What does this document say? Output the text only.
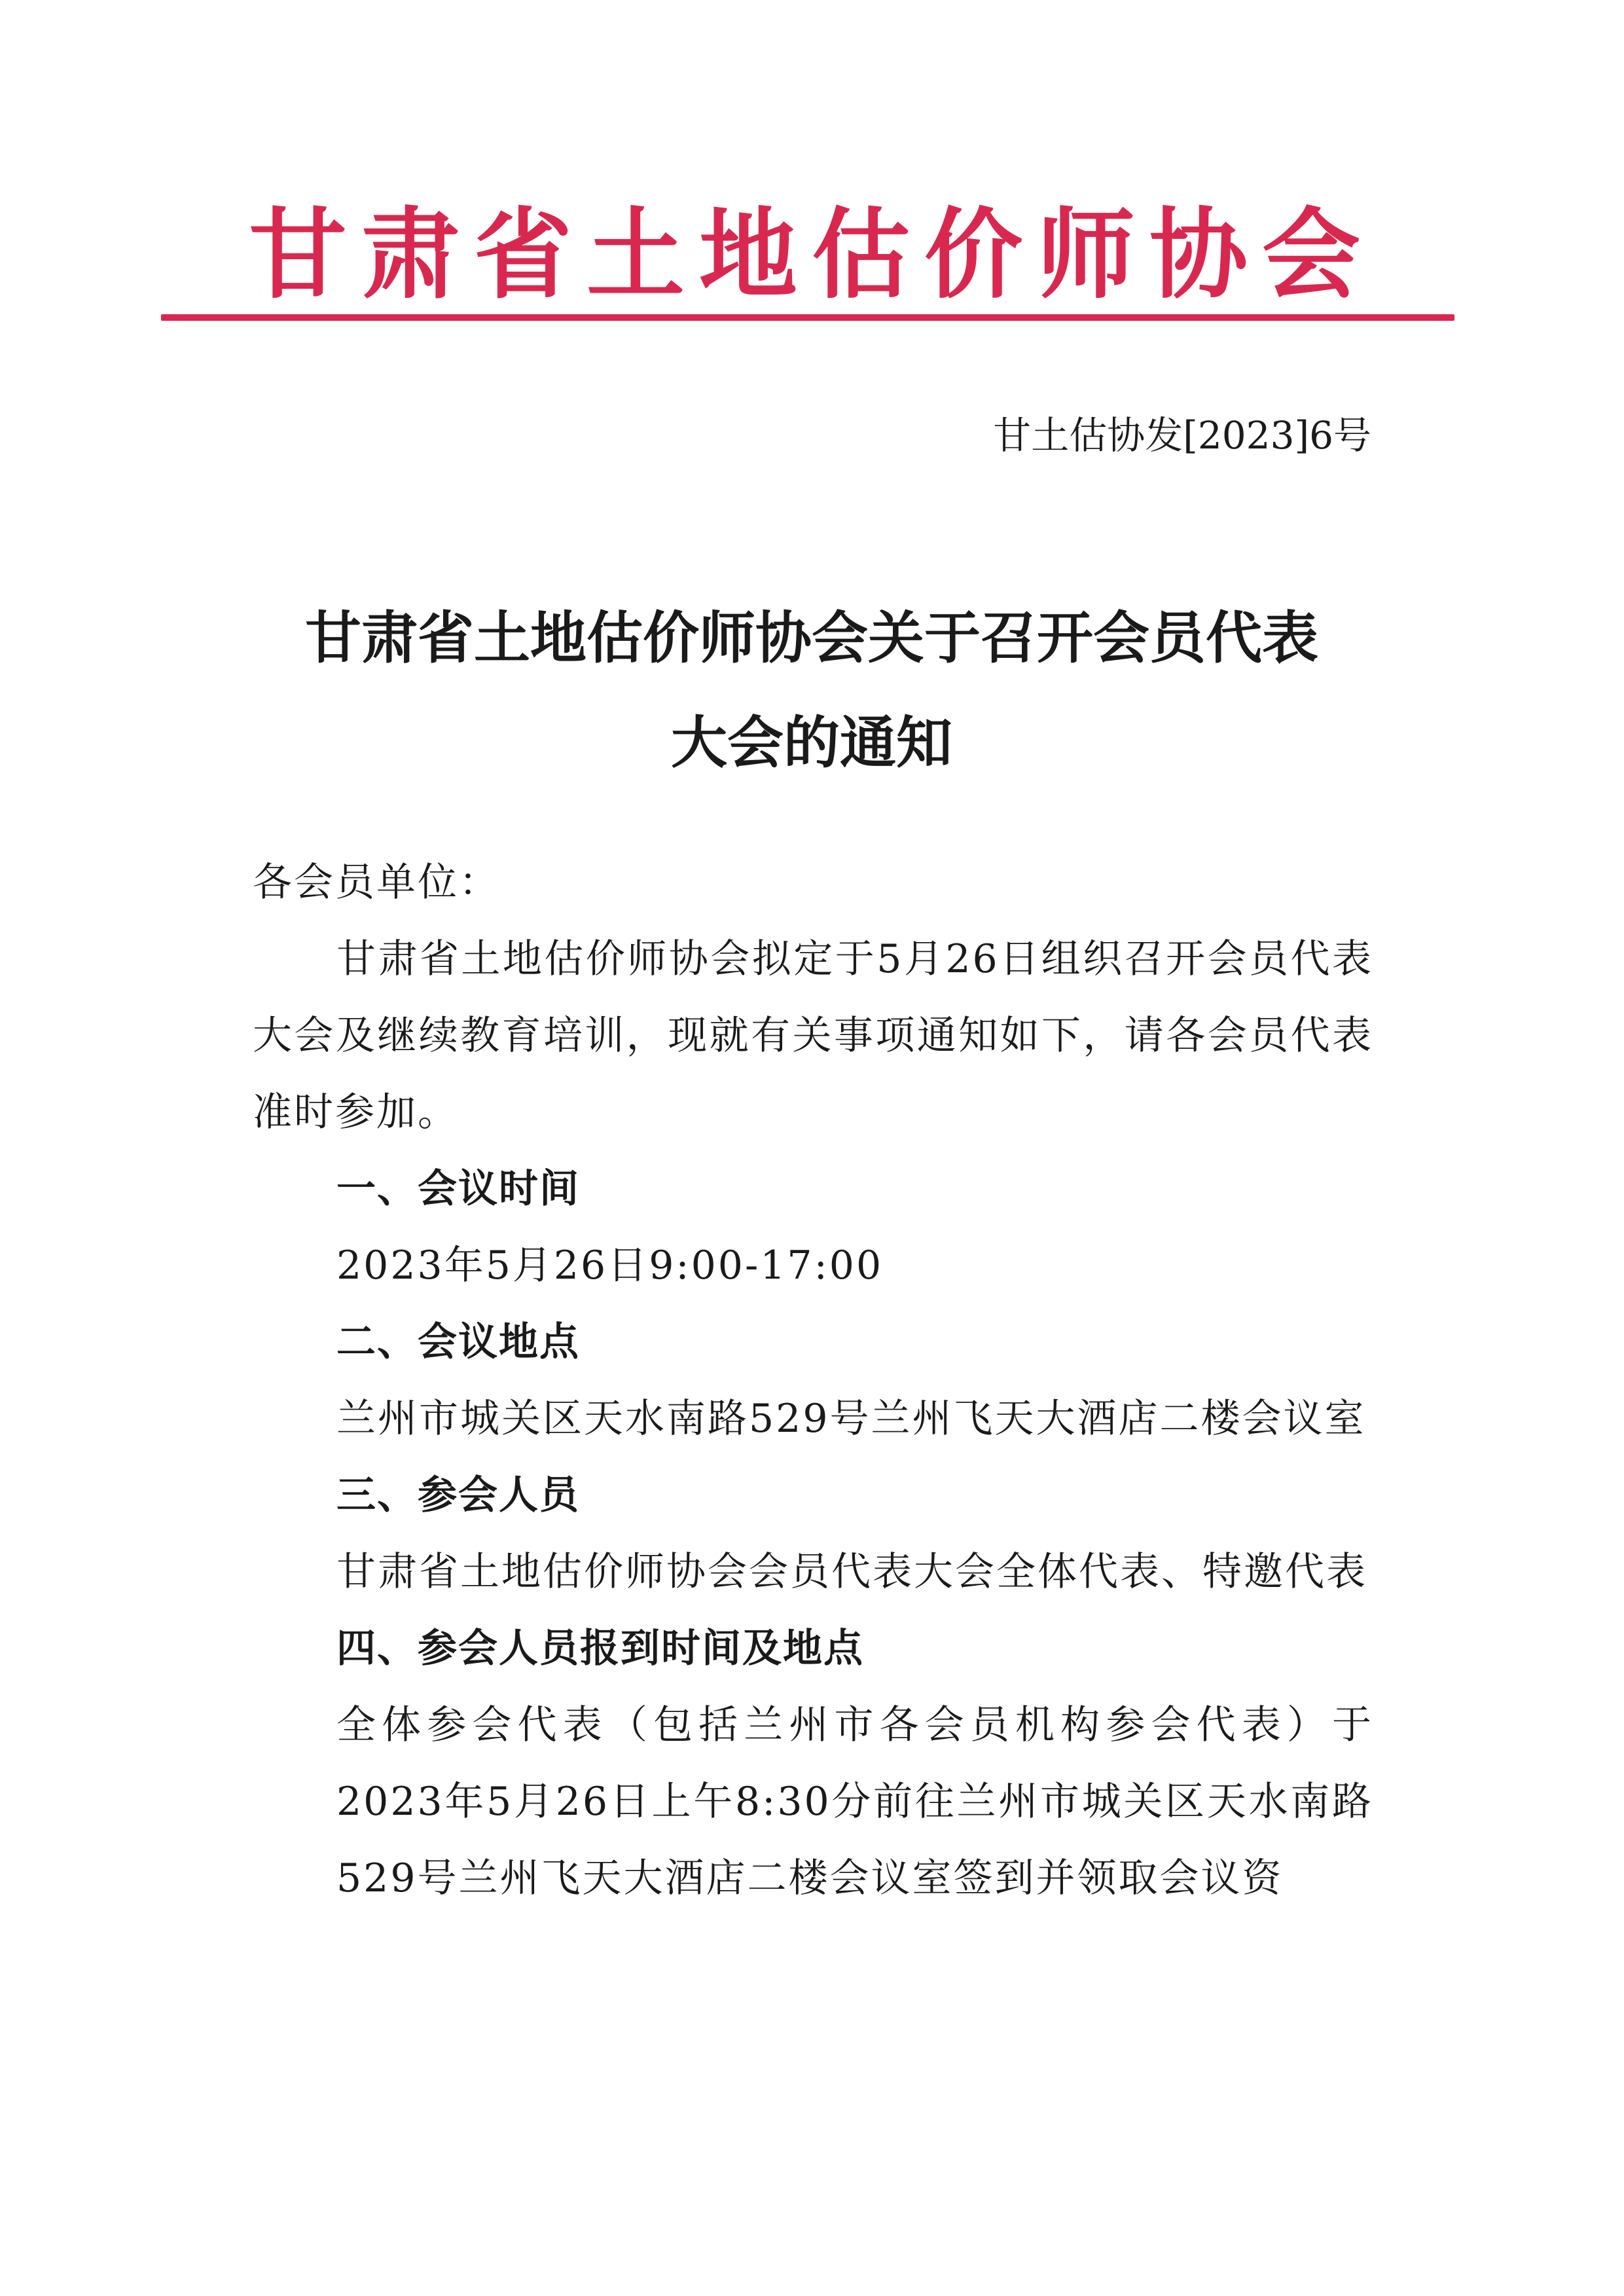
甘肃省土地估价师协会
甘土估协发[2023]6号
甘肃省土地估价师协会关于召开会员代表
大会的通知

各会员单位：

甘肃省土地估价师协会拟定于5月26日组织召开会员代表大会及继续教育培训，现就有关事项通知如下，请各会员代表准时参加。

一、会议时间

2023年5月26日9:00-17:00

二、会议地点

兰州市城关区天水南路529号兰州飞天大酒店二楼会议室

三、参会人员

甘肃省土地估价师协会会员代表大会全体代表、特邀代表

四、参会人员报到时间及地点

全体参会代表（包括兰州市各会员机构参会代表）于2023年5月26日上午8:30分前往兰州市城关区天水南路529号兰州飞天大酒店二楼会议室签到并领取会议资
